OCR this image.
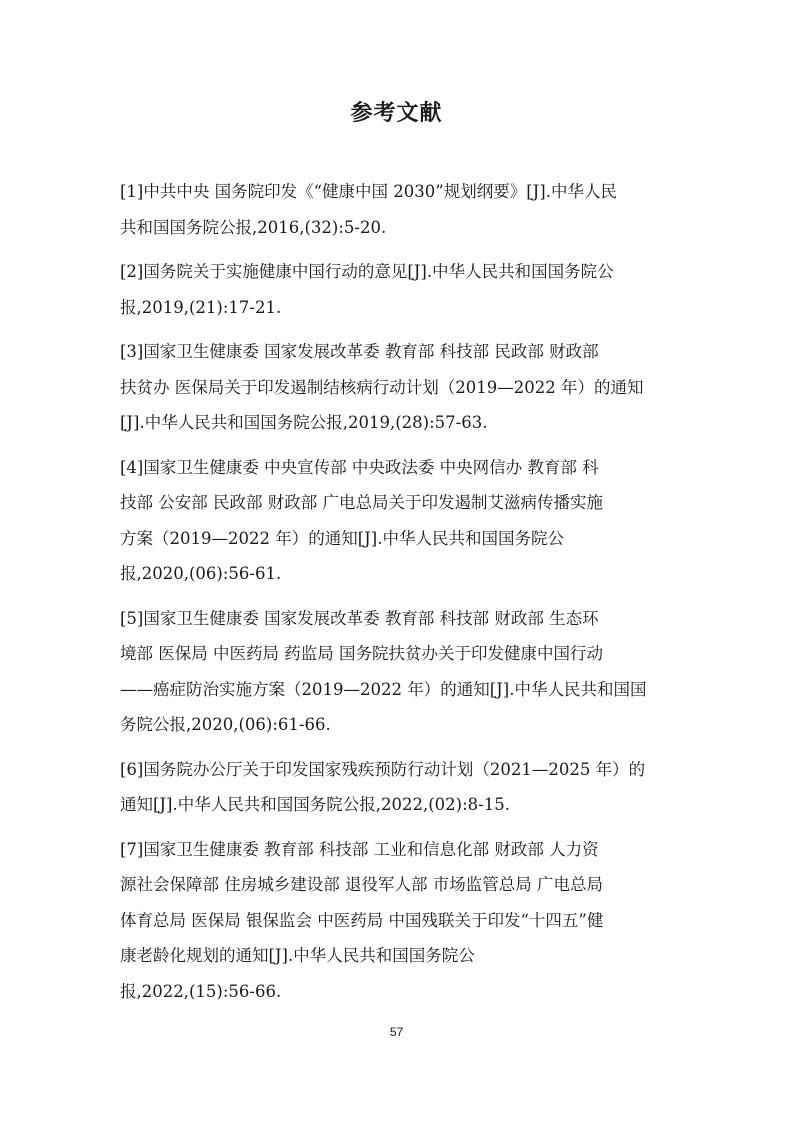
参考文献
[1]中共中央 国务院印发《“健康中国 2030”规划纲要》[J].中华人民
共和国国务院公报,2016,(32):5-20.
[2]国务院关于实施健康中国行动的意见[J].中华人民共和国国务院公
报,2019,(21):17-21.
[3]国家卫生健康委 国家发展改革委 教育部 科技部 民政部 财政部
扶贫办 医保局关于印发遏制结核病行动计划（2019—2022 年）的通知
[J].中华人民共和国国务院公报,2019,(28):57-63.
[4]国家卫生健康委 中央宣传部 中央政法委 中央网信办 教育部 科
技部 公安部 民政部 财政部 广电总局关于印发遏制艾滋病传播实施
方案（2019—2022 年）的通知[J].中华人民共和国国务院公
报,2020,(06):56-61.
[5]国家卫生健康委 国家发展改革委 教育部 科技部 财政部 生态环
境部 医保局 中医药局 药监局 国务院扶贫办关于印发健康中国行动
——癌症防治实施方案（2019—2022 年）的通知[J].中华人民共和国国
务院公报,2020,(06):61-66.
[6]国务院办公厅关于印发国家残疾预防行动计划（2021—2025 年）的
通知[J].中华人民共和国国务院公报,2022,(02):8-15.
[7]国家卫生健康委 教育部 科技部 工业和信息化部 财政部 人力资
源社会保障部 住房城乡建设部 退役军人部 市场监管总局 广电总局
体育总局 医保局 银保监会 中医药局 中国残联关于印发“十四五”健
康老龄化规划的通知[J].中华人民共和国国务院公
报,2022,(15):56-66.
57
